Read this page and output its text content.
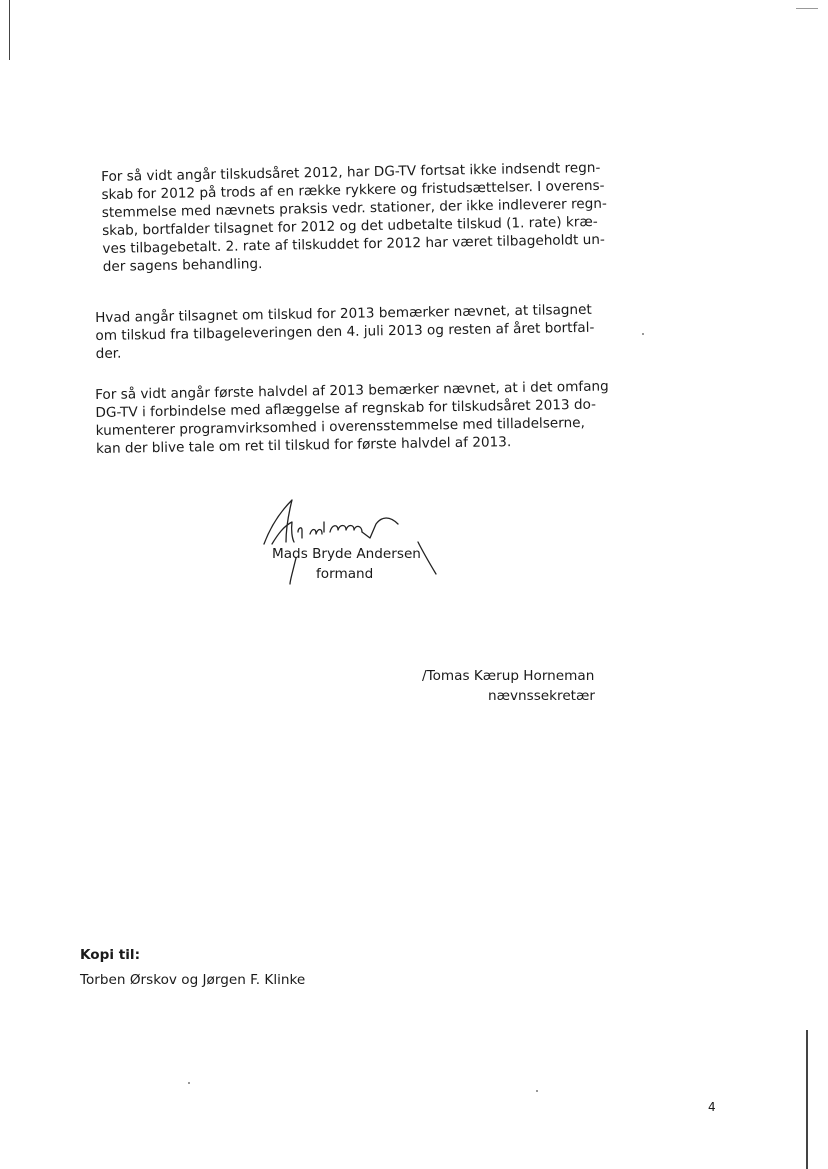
For så vidt angår tilskudsåret 2012, har DG-TV fortsat ikke indsendt regn-
skab for 2012 på trods af en række rykkere og fristudsættelser. I overens-
stemmelse med nævnets praksis vedr. stationer, der ikke indleverer regn-
skab, bortfalder tilsagnet for 2012 og det udbetalte tilskud (1. rate) kræ-
ves tilbagebetalt. 2. rate af tilskuddet for 2012 har været tilbageholdt un-
der sagens behandling.
Hvad angår tilsagnet om tilskud for 2013 bemærker nævnet, at tilsagnet
om tilskud fra tilbageleveringen den 4. juli 2013 og resten af året bortfal-
der.
For så vidt angår første halvdel af 2013 bemærker nævnet, at i det omfang
DG-TV i forbindelse med aflæggelse af regnskab for tilskudsåret 2013 do-
kumenterer programvirksomhed i overensstemmelse med tilladelserne,
kan der blive tale om ret til tilskud for første halvdel af 2013.
Mads Bryde Andersen
formand
/Tomas Kærup Horneman
nævnssekretær
Kopi til:
Torben Ørskov og Jørgen F. Klinke
4
